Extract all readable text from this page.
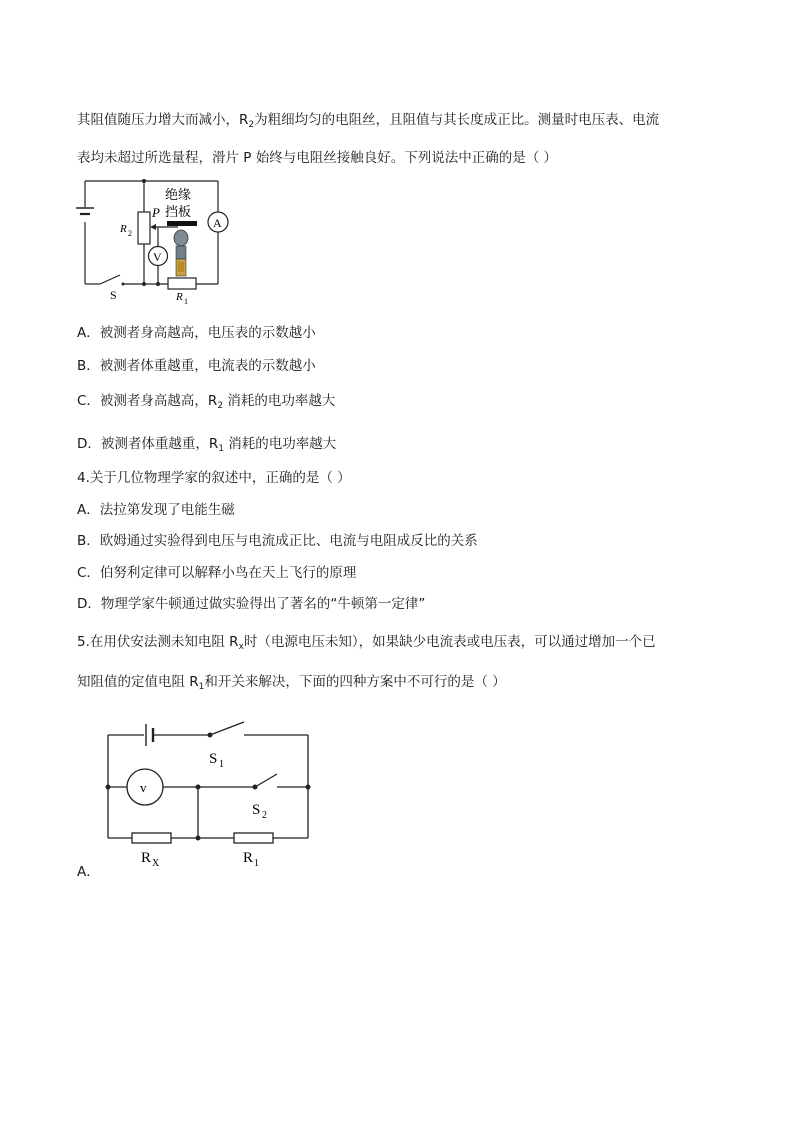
其阻值随压力增大而减小，$R_2$为粗细均匀的电阻丝，且阻值与其长度成正比。测量时电压表、电流
表均未超过所选量程，滑片 P 始终与电阻丝接触良好。下列说法中正确的是（ ）
绝缘
挡板
P
R 2
R 1
S
A
V
A．被测者身高越高，电压表的示数越小
B．被测者体重越重，电流表的示数越小
C．被测者身高越高，$R_2$ 消耗的电功率越大
D．被测者体重越重，$R_1$ 消耗的电功率越大
4.关于几位物理学家的叙述中，正确的是（ ）
A．法拉第发现了电能生磁
B．欧姆通过实验得到电压与电流成正比、电流与电阻成反比的关系
C．伯努利定律可以解释小鸟在天上飞行的原理
D．物理学家牛顿通过做实验得出了著名的“牛顿第一定律”
5.在用伏安法测未知电阻 $R_x$时（电源电压未知），如果缺少电流表或电压表，可以通过增加一个已
知阻值的定值电阻 $R_1$和开关来解决，下面的四种方案中不可行的是（ ）
v
S 1
S 2
R X	R 1
A．
